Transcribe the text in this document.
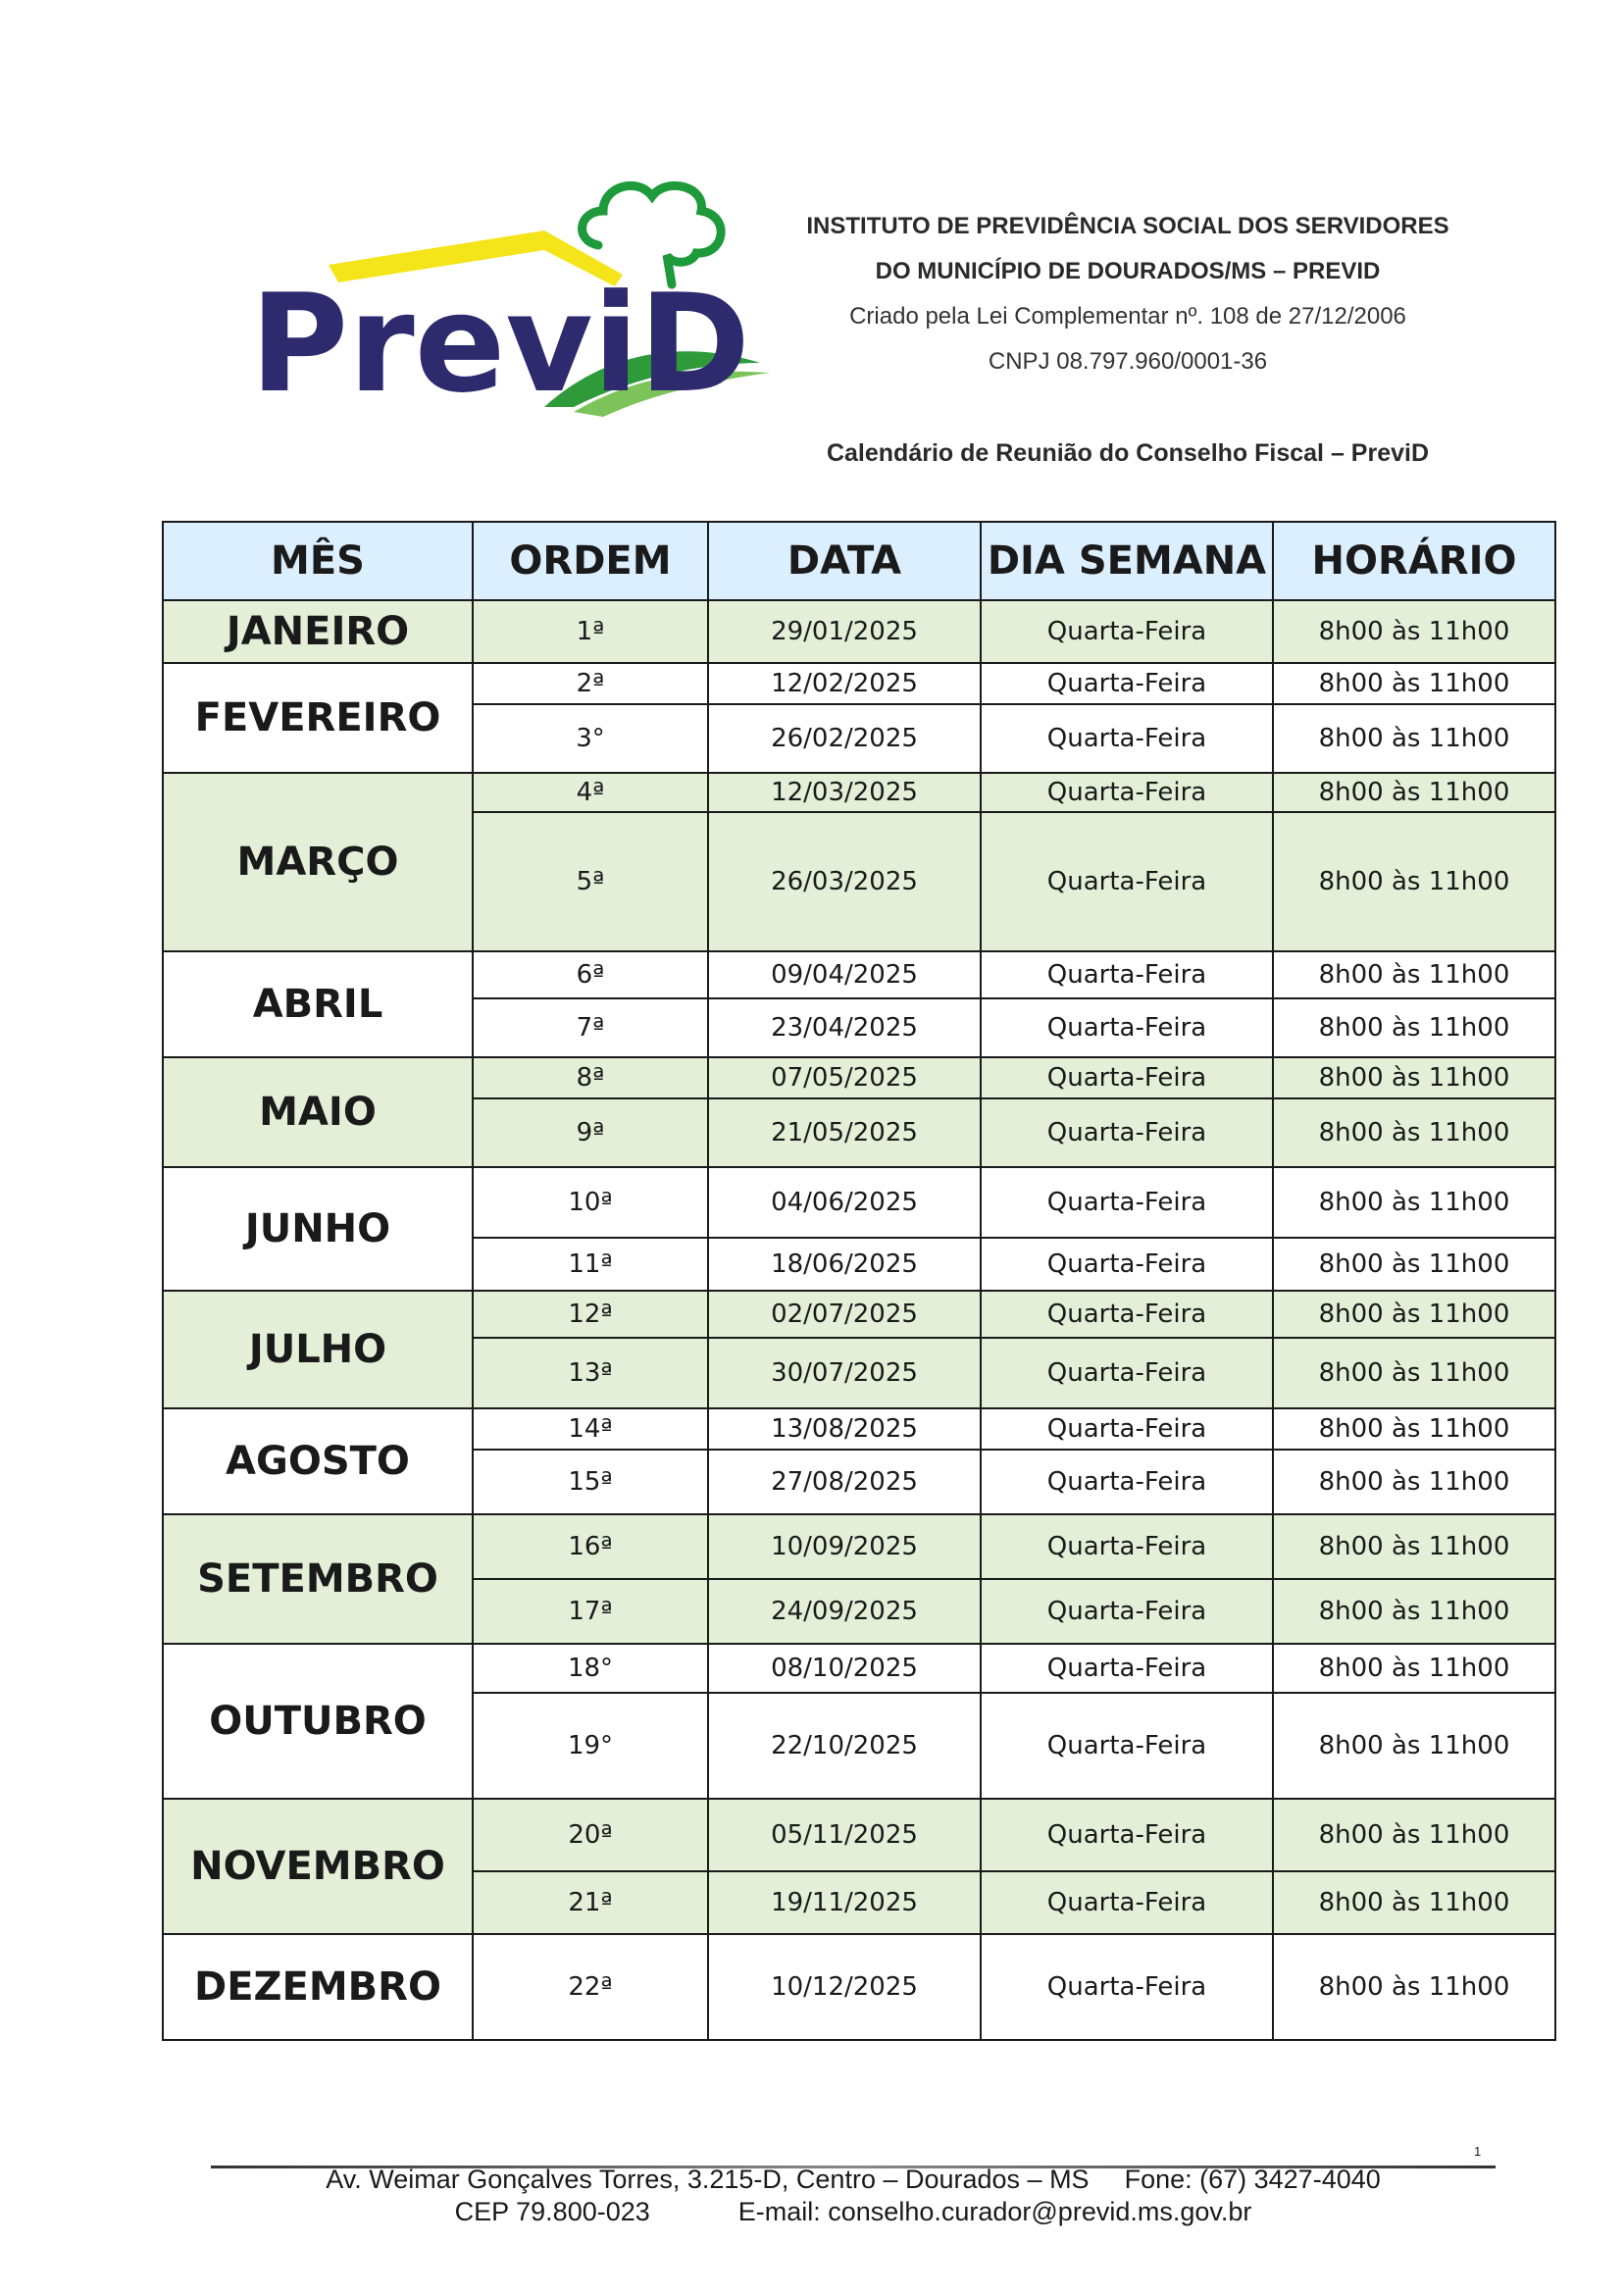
PreviD
INSTITUTO DE PREVIDÊNCIA SOCIAL DOS SERVIDORES
DO MUNICÍPIO DE DOURADOS/MS – PREVID
Criado pela Lei Complementar nº. 108 de 27/12/2006
CNPJ 08.797.960/0001-36
Calendário de Reunião do Conselho Fiscal – PreviD
MÊS	ORDEM	DATA	DIA SEMANA	HORÁRIO
JANEIRO	1ª	29/01/2025	Quarta-Feira	8h00 às 11h00
FEVEREIRO	2ª	12/02/2025	Quarta-Feira	8h00 às 11h00
	3°	26/02/2025	Quarta-Feira	8h00 às 11h00
MARÇO	4ª	12/03/2025	Quarta-Feira	8h00 às 11h00
	5ª	26/03/2025	Quarta-Feira	8h00 às 11h00
ABRIL	6ª	09/04/2025	Quarta-Feira	8h00 às 11h00
	7ª	23/04/2025	Quarta-Feira	8h00 às 11h00
MAIO	8ª	07/05/2025	Quarta-Feira	8h00 às 11h00
	9ª	21/05/2025	Quarta-Feira	8h00 às 11h00
JUNHO	10ª	04/06/2025	Quarta-Feira	8h00 às 11h00
	11ª	18/06/2025	Quarta-Feira	8h00 às 11h00
JULHO	12ª	02/07/2025	Quarta-Feira	8h00 às 11h00
	13ª	30/07/2025	Quarta-Feira	8h00 às 11h00
AGOSTO	14ª	13/08/2025	Quarta-Feira	8h00 às 11h00
	15ª	27/08/2025	Quarta-Feira	8h00 às 11h00
SETEMBRO	16ª	10/09/2025	Quarta-Feira	8h00 às 11h00
	17ª	24/09/2025	Quarta-Feira	8h00 às 11h00
OUTUBRO	18°	08/10/2025	Quarta-Feira	8h00 às 11h00
	19°	22/10/2025	Quarta-Feira	8h00 às 11h00
NOVEMBRO	20ª	05/11/2025	Quarta-Feira	8h00 às 11h00
	21ª	19/11/2025	Quarta-Feira	8h00 às 11h00
DEZEMBRO	22ª	10/12/2025	Quarta-Feira	8h00 às 11h00
1
Av. Weimar Gonçalves Torres, 3.215-D, Centro – Dourados – MS Fone: (67) 3427-4040
CEP 79.800-023	E-mail: conselho.curador@previd.ms.gov.br
